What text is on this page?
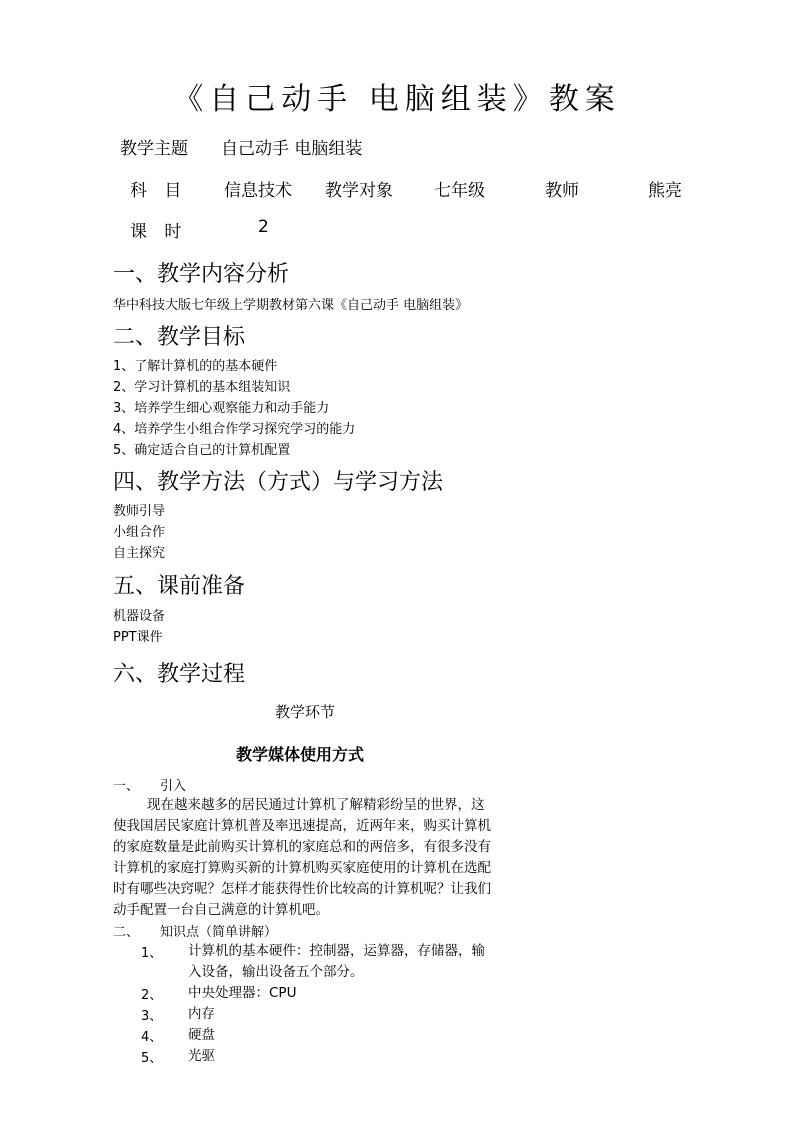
《自己动手 电脑组装》教案
教学主题 自己动手 电脑组装
科 目 信息技术 教学对象 七年级	教师	熊亮
课 时	2
一、教学内容分析
华中科技大版七年级上学期教材第六课《自己动手 电脑组装》
二、教学目标
1、了解计算机的的基本硬件
2、学习计算机的基本组装知识
3、培养学生细心观察能力和动手能力
4、培养学生小组合作学习探究学习的能力
5、确定适合自己的计算机配置
四、教学方法（方式）与学习方法
教师引导
小组合作
自主探究
五、课前准备
机器设备
PPT课件
六、教学过程
教学环节
教学媒体使用方式
一、 引入
现在越来越多的居民通过计算机了解精彩纷呈的世界，这
使我国居民家庭计算机普及率迅速提高，近两年来，购买计算机
的家庭数量是此前购买计算机的家庭总和的两倍多，有很多没有
计算机的家庭打算购买新的计算机购买家庭使用的计算机在选配
时有哪些决窍呢？怎样才能获得性价比较高的计算机呢？让我们
动手配置一台自己满意的计算机吧。
二、 知识点（简单讲解）
1、 计算机的基本硬件：控制器，运算器，存储器，输
入设备，输出设备五个部分。
2、 中央处理器：CPU
3、 内存
4、 硬盘
5、 光驱
